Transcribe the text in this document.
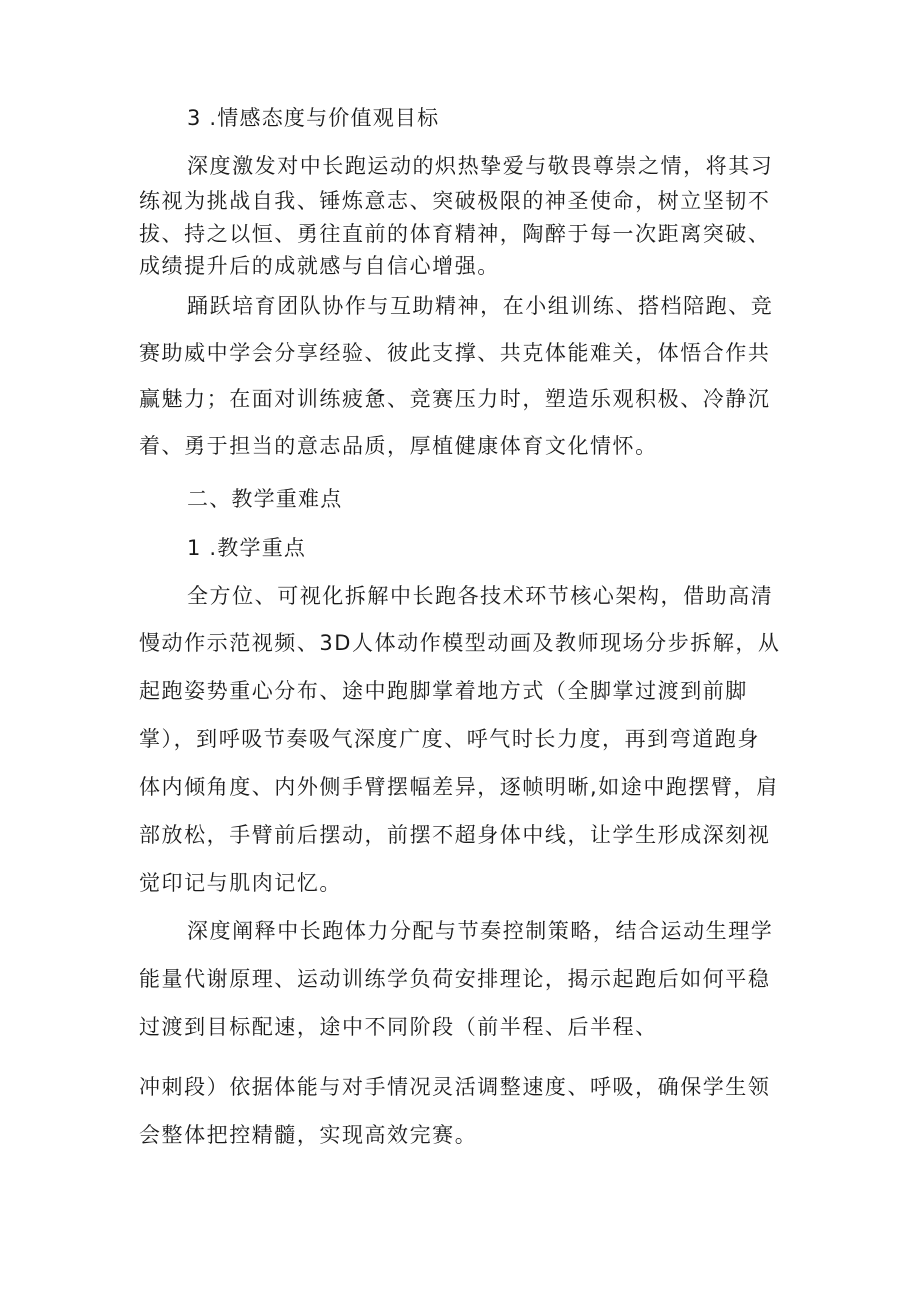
3 .情感态度与价值观目标
深度激发对中长跑运动的炽热挚爱与敬畏尊崇之情，将其习
练视为挑战自我、锤炼意志、突破极限的神圣使命，树立坚韧不
拔、持之以恒、勇往直前的体育精神，陶醉于每一次距离突破、
成绩提升后的成就感与自信心增强。
踊跃培育团队协作与互助精神，在小组训练、搭档陪跑、竞
赛助威中学会分享经验、彼此支撑、共克体能难关，体悟合作共
赢魅力；在面对训练疲惫、竞赛压力时，塑造乐观积极、冷静沉
着、勇于担当的意志品质，厚植健康体育文化情怀。
二、教学重难点
1 .教学重点
全方位、可视化拆解中长跑各技术环节核心架构，借助高清
慢动作示范视频、3D人体动作模型动画及教师现场分步拆解，从
起跑姿势重心分布、途中跑脚掌着地方式（全脚掌过渡到前脚
掌），到呼吸节奏吸气深度广度、呼气时长力度，再到弯道跑身
体内倾角度、内外侧手臂摆幅差异，逐帧明晰,如途中跑摆臂，肩
部放松，手臂前后摆动，前摆不超身体中线，让学生形成深刻视
觉印记与肌肉记忆。
深度阐释中长跑体力分配与节奏控制策略，结合运动生理学
能量代谢原理、运动训练学负荷安排理论，揭示起跑后如何平稳
过渡到目标配速，途中不同阶段（前半程、后半程、
冲刺段）依据体能与对手情况灵活调整速度、呼吸，确保学生领
会整体把控精髓，实现高效完赛。
